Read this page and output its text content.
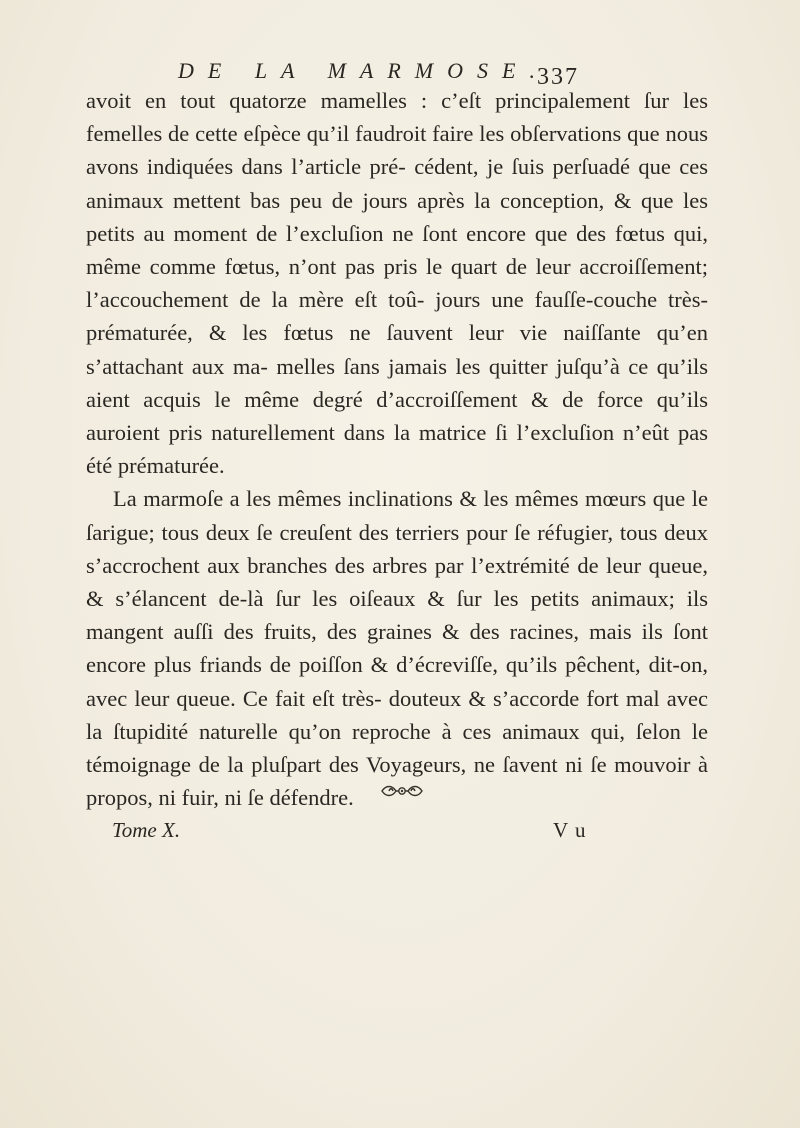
DE LA MARMOSE.
337

avoit en tout quatorze mamelles : c’eſt principalement ſur les femelles de cette eſpèce qu’il faudroit faire les obſervations que nous avons indiquées dans l’article pré- cédent, je ſuis perſuadé que ces animaux mettent bas peu de jours après la conception, & que les petits au moment de l’excluſion ne ſont encore que des fœtus qui, même comme fœtus, n’ont pas pris le quart de leur accroiſſement; l’accouchement de la mère eſt toû- jours une fauſſe-couche très-prématurée, & les fœtus ne ſauvent leur vie naiſſante qu’en s’attachant aux ma- melles ſans jamais les quitter juſqu’à ce qu’ils aient acquis le même degré d’accroiſſement & de force qu’ils auroient pris naturellement dans la matrice ſi l’excluſion n’eût pas été prématurée.

La marmoſe a les mêmes inclinations & les mêmes mœurs que le ſarigue; tous deux ſe creuſent des terriers pour ſe réfugier, tous deux s’accrochent aux branches des arbres par l’extrémité de leur queue, & s’élancent de-là ſur les oiſeaux & ſur les petits animaux; ils mangent auſſi des fruits, des graines & des racines, mais ils ſont encore plus friands de poiſſon & d’écreviſſe, qu’ils pêchent, dit-on, avec leur queue. Ce fait eſt très- douteux & s’accorde fort mal avec la ſtupidité naturelle qu’on reproche à ces animaux qui, ſelon le témoignage de la pluſpart des Voyageurs, ne ſavent ni ſe mouvoir à propos, ni fuir, ni ſe défendre.

Tome X.	V u
